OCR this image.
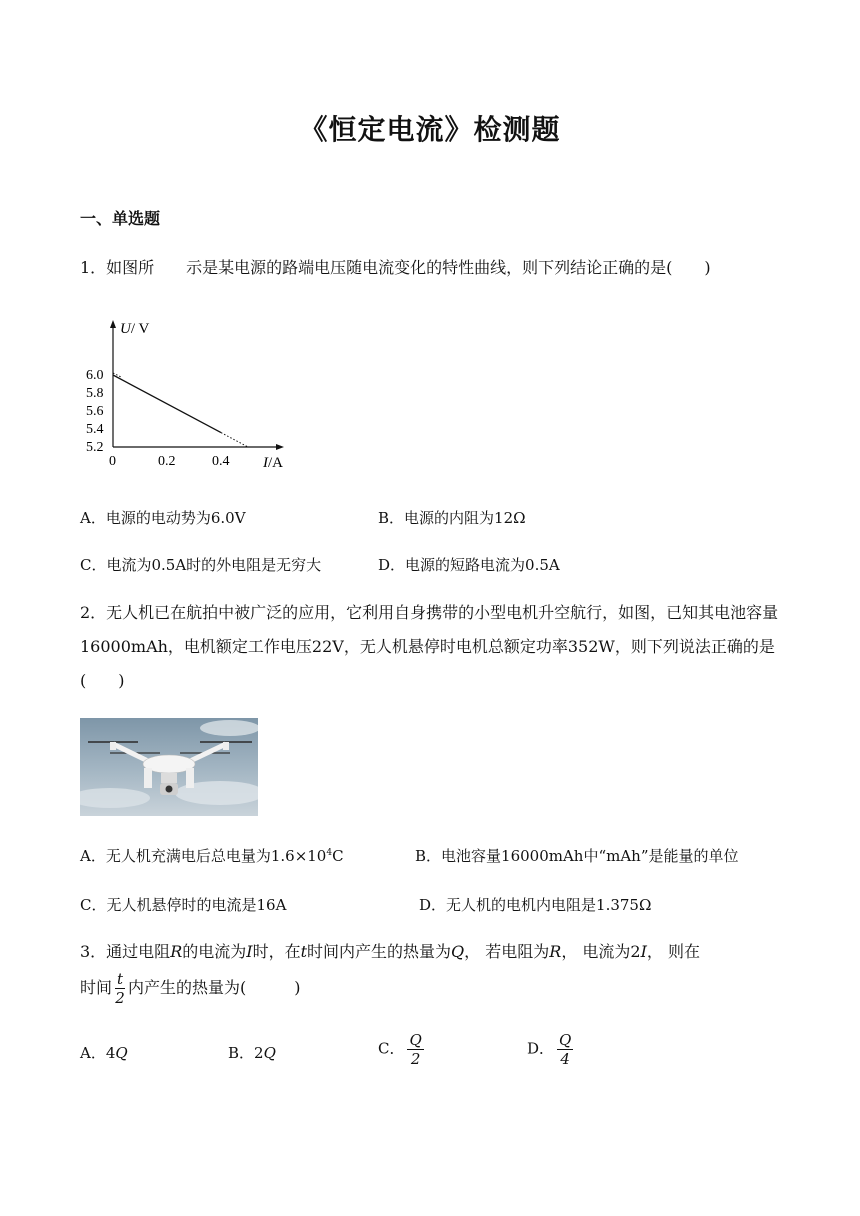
《恒定电流》检测题
一、单选题
1．如图所　　示是某电源的路端电压随电流变化的特性曲线，则下列结论正确的是(　　)
U/ V
I/A
6.0
5.8
5.6
5.4
5.2
0	0.2	0.4
A．电源的电动势为6.0V	B．电源的内阻为12Ω
C．电流为0.5A时的外电阻是无穷大	D．电源的短路电流为0.5A
2．无人机已在航拍中被广泛的应用，它利用自身携带的小型电机升空航行，如图，已知其电池容量16000mAh，电机额定工作电压22V，无人机悬停时电机总额定功率352W，则下列说法正确的是(　　)
A．无人机充满电后总电量为$1.6\times 10^4C$	B．电池容量16000mAh中“mAh”是能量的单位
C．无人机悬停时的电流是16A	D．无人机的电机内电阻是1.375Ω
3．通过电阻R的电流为I时，在t时间内产生的热量为Q， 若电阻为R， 电流为2I， 则在
时间 $\frac{t}{2}$ 内产生的热量为(　　　)
A．4Q	B．2Q	C． $\frac{Q}{2}$	D． $\frac{Q}{4}$
